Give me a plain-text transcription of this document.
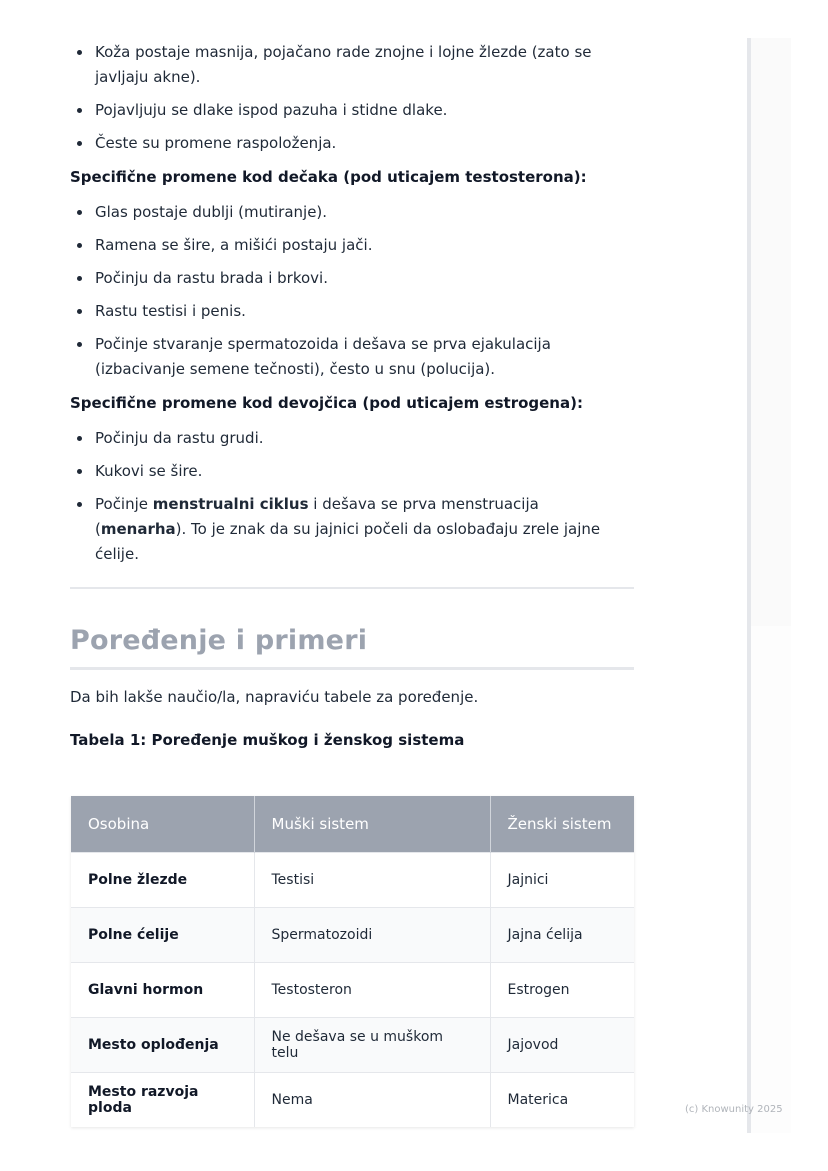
Koža postaje masnija, pojačano rade znojne i lojne žlezde (zato se javljaju akne).
Pojavljuju se dlake ispod pazuha i stidne dlake.
Česte su promene raspoloženja.
Specifične promene kod dečaka (pod uticajem testosterona):
Glas postaje dublji (mutiranje).
Ramena se šire, a mišići postaju jači.
Počinju da rastu brada i brkovi.
Rastu testisi i penis.
Počinje stvaranje spermatozoida i dešava se prva ejakulacija (izbacivanje semene tečnosti), često u snu (polucija).
Specifične promene kod devojčica (pod uticajem estrogena):
Počinju da rastu grudi.
Kukovi se šire.
Počinje menstrualni ciklus i dešava se prva menstruacija (menarha). To je znak da su jajnici počeli da oslobađaju zrele jajne ćelije.
Poređenje i primeri
Da bih lakše naučio/la, napraviću tabele za poređenje.
Tabela 1: Poređenje muškog i ženskog sistema
Osobina	Muški sistem	Ženski sistem
Polne žlezde	Testisi	Jajnici
Polne ćelije	Spermatozoidi	Jajna ćelija
Glavni hormon	Testosteron	Estrogen
Mesto oplođenja	Ne dešava se u muškom telu	Jajovod
Mesto razvoja ploda	Nema	Materica
(c) Knowunity 2025
